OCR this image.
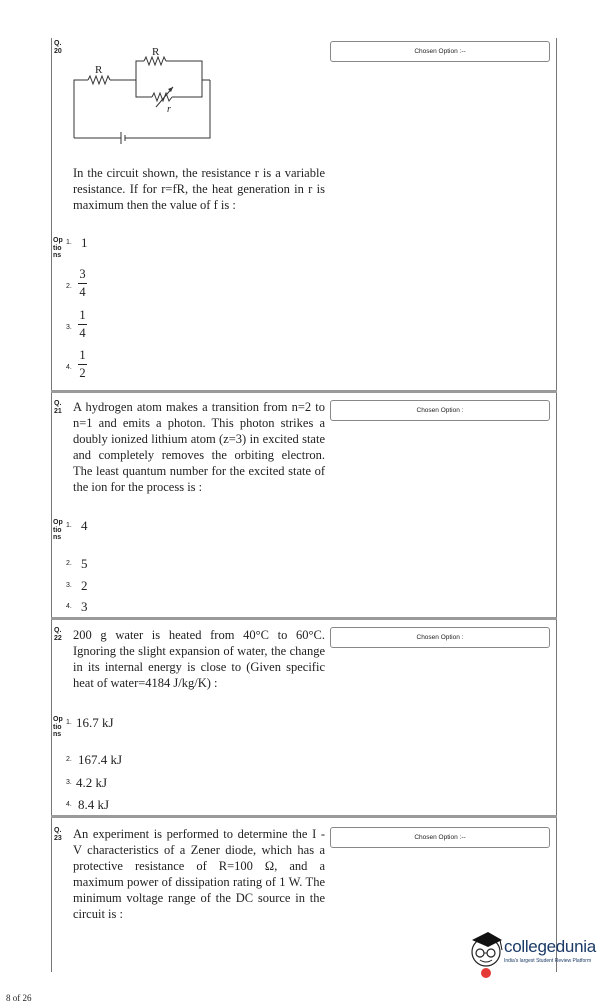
Q.
20	Chosen Option :--
R
R
r
In the circuit shown, the resistance r is a variable resistance. If for r=fR, the heat generation in r is maximum then the value of f is :
Op
tio
ns
1. 1
2.
3
4
3.
1
4
4.
1
2
Q.
21	Chosen Option :
A hydrogen atom makes a transition from n=2 to n=1 and emits a photon. This photon strikes a doubly ionized lithium atom (z=3) in excited state and completely removes the orbiting electron. The least quantum number for the excited state of the ion for the process is :
Op
tio
ns
1. 4
2. 5
3. 2
4. 3
Q.
22	Chosen Option :
200 g water is heated from 40°C to 60°C. Ignoring the slight expansion of water, the change in its internal energy is close to (Given specific heat of water=4184 J/kg/K) :
Op
tio
ns
1. 16.7 kJ
2. 167.4 kJ
3. 4.2 kJ
4. 8.4 kJ
Q.
23	Chosen Option :--
An experiment is performed to determine the I - V characteristics of a Zener diode, which has a protective resistance of R=100 Ω, and a maximum power of dissipation rating of 1 W. The minimum voltage range of the DC source in the circuit is :
8 of 26
collegedunia
India's largest Student Review Platform
